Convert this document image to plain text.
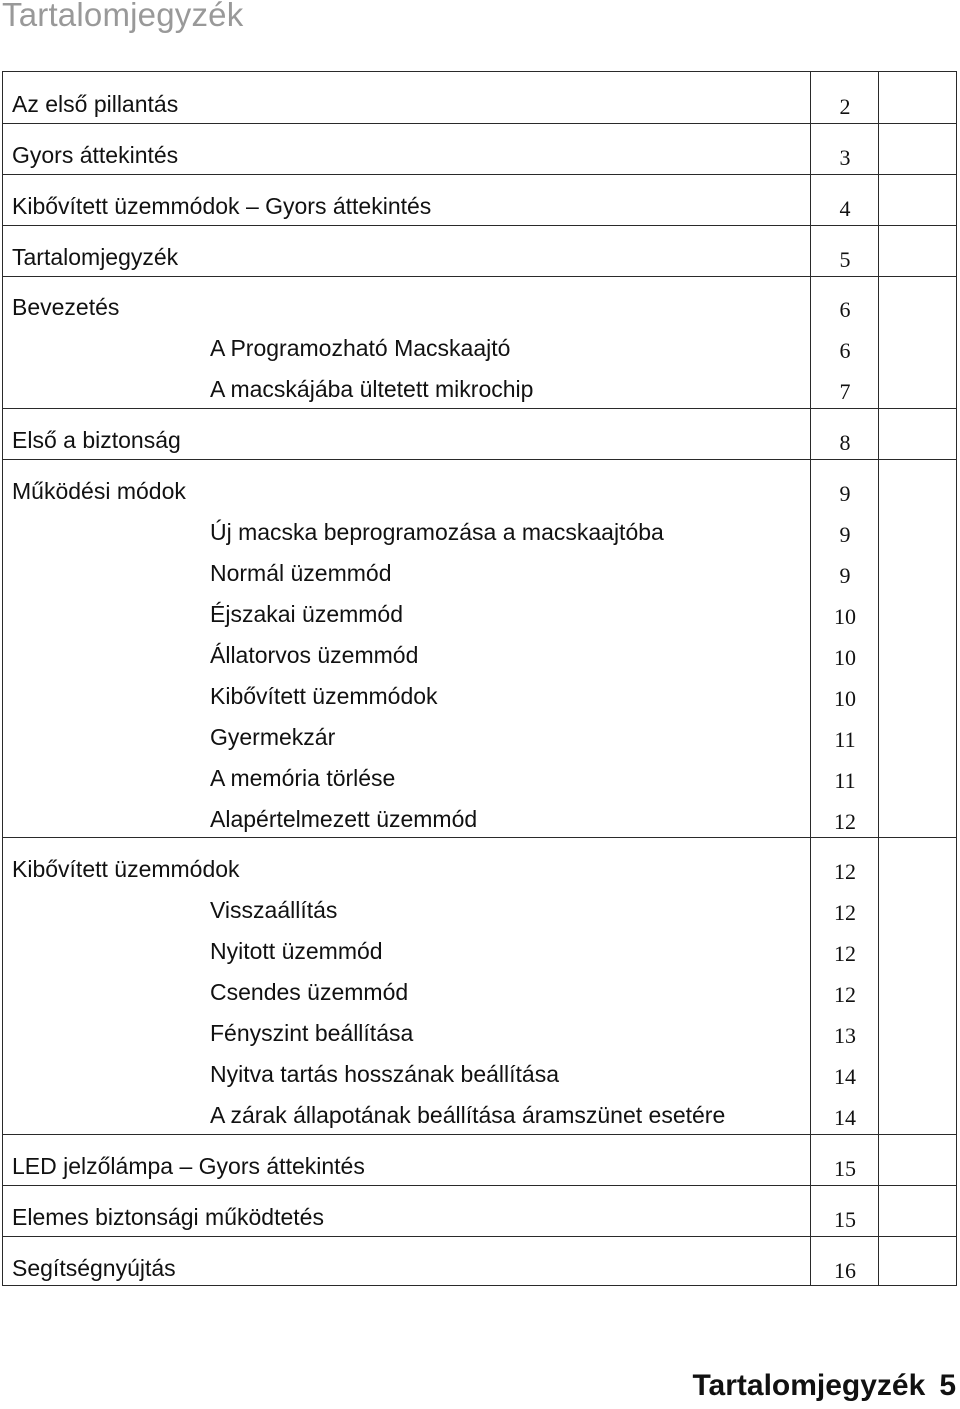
Tartalomjegyzék
Az első pillantás	2
Gyors áttekintés	3
Kibővített üzemmódok – Gyors áttekintés	4
Tartalomjegyzék	5
Bevezetés	6
A Programozható Macskaajtó	6
A macskájába ültetett mikrochip	7
Első a biztonság	8
Működési módok	9
Új macska beprogramozása a macskaajtóba	9
Normál üzemmód	9
Éjszakai üzemmód	10
Állatorvos üzemmód	10
Kibővített üzemmódok	10
Gyermekzár	11
A memória törlése	11
Alapértelmezett üzemmód	12
Kibővített üzemmódok	12
Visszaállítás	12
Nyitott üzemmód	12
Csendes üzemmód	12
Fényszint beállítása	13
Nyitva tartás hosszának beállítása	14
A zárak állapotának beállítása áramszünet esetére	14
LED jelzőlámpa – Gyors áttekintés	15
Elemes biztonsági működtetés	15
Segítségnyújtás	16
Tartalomjegyzék 5
